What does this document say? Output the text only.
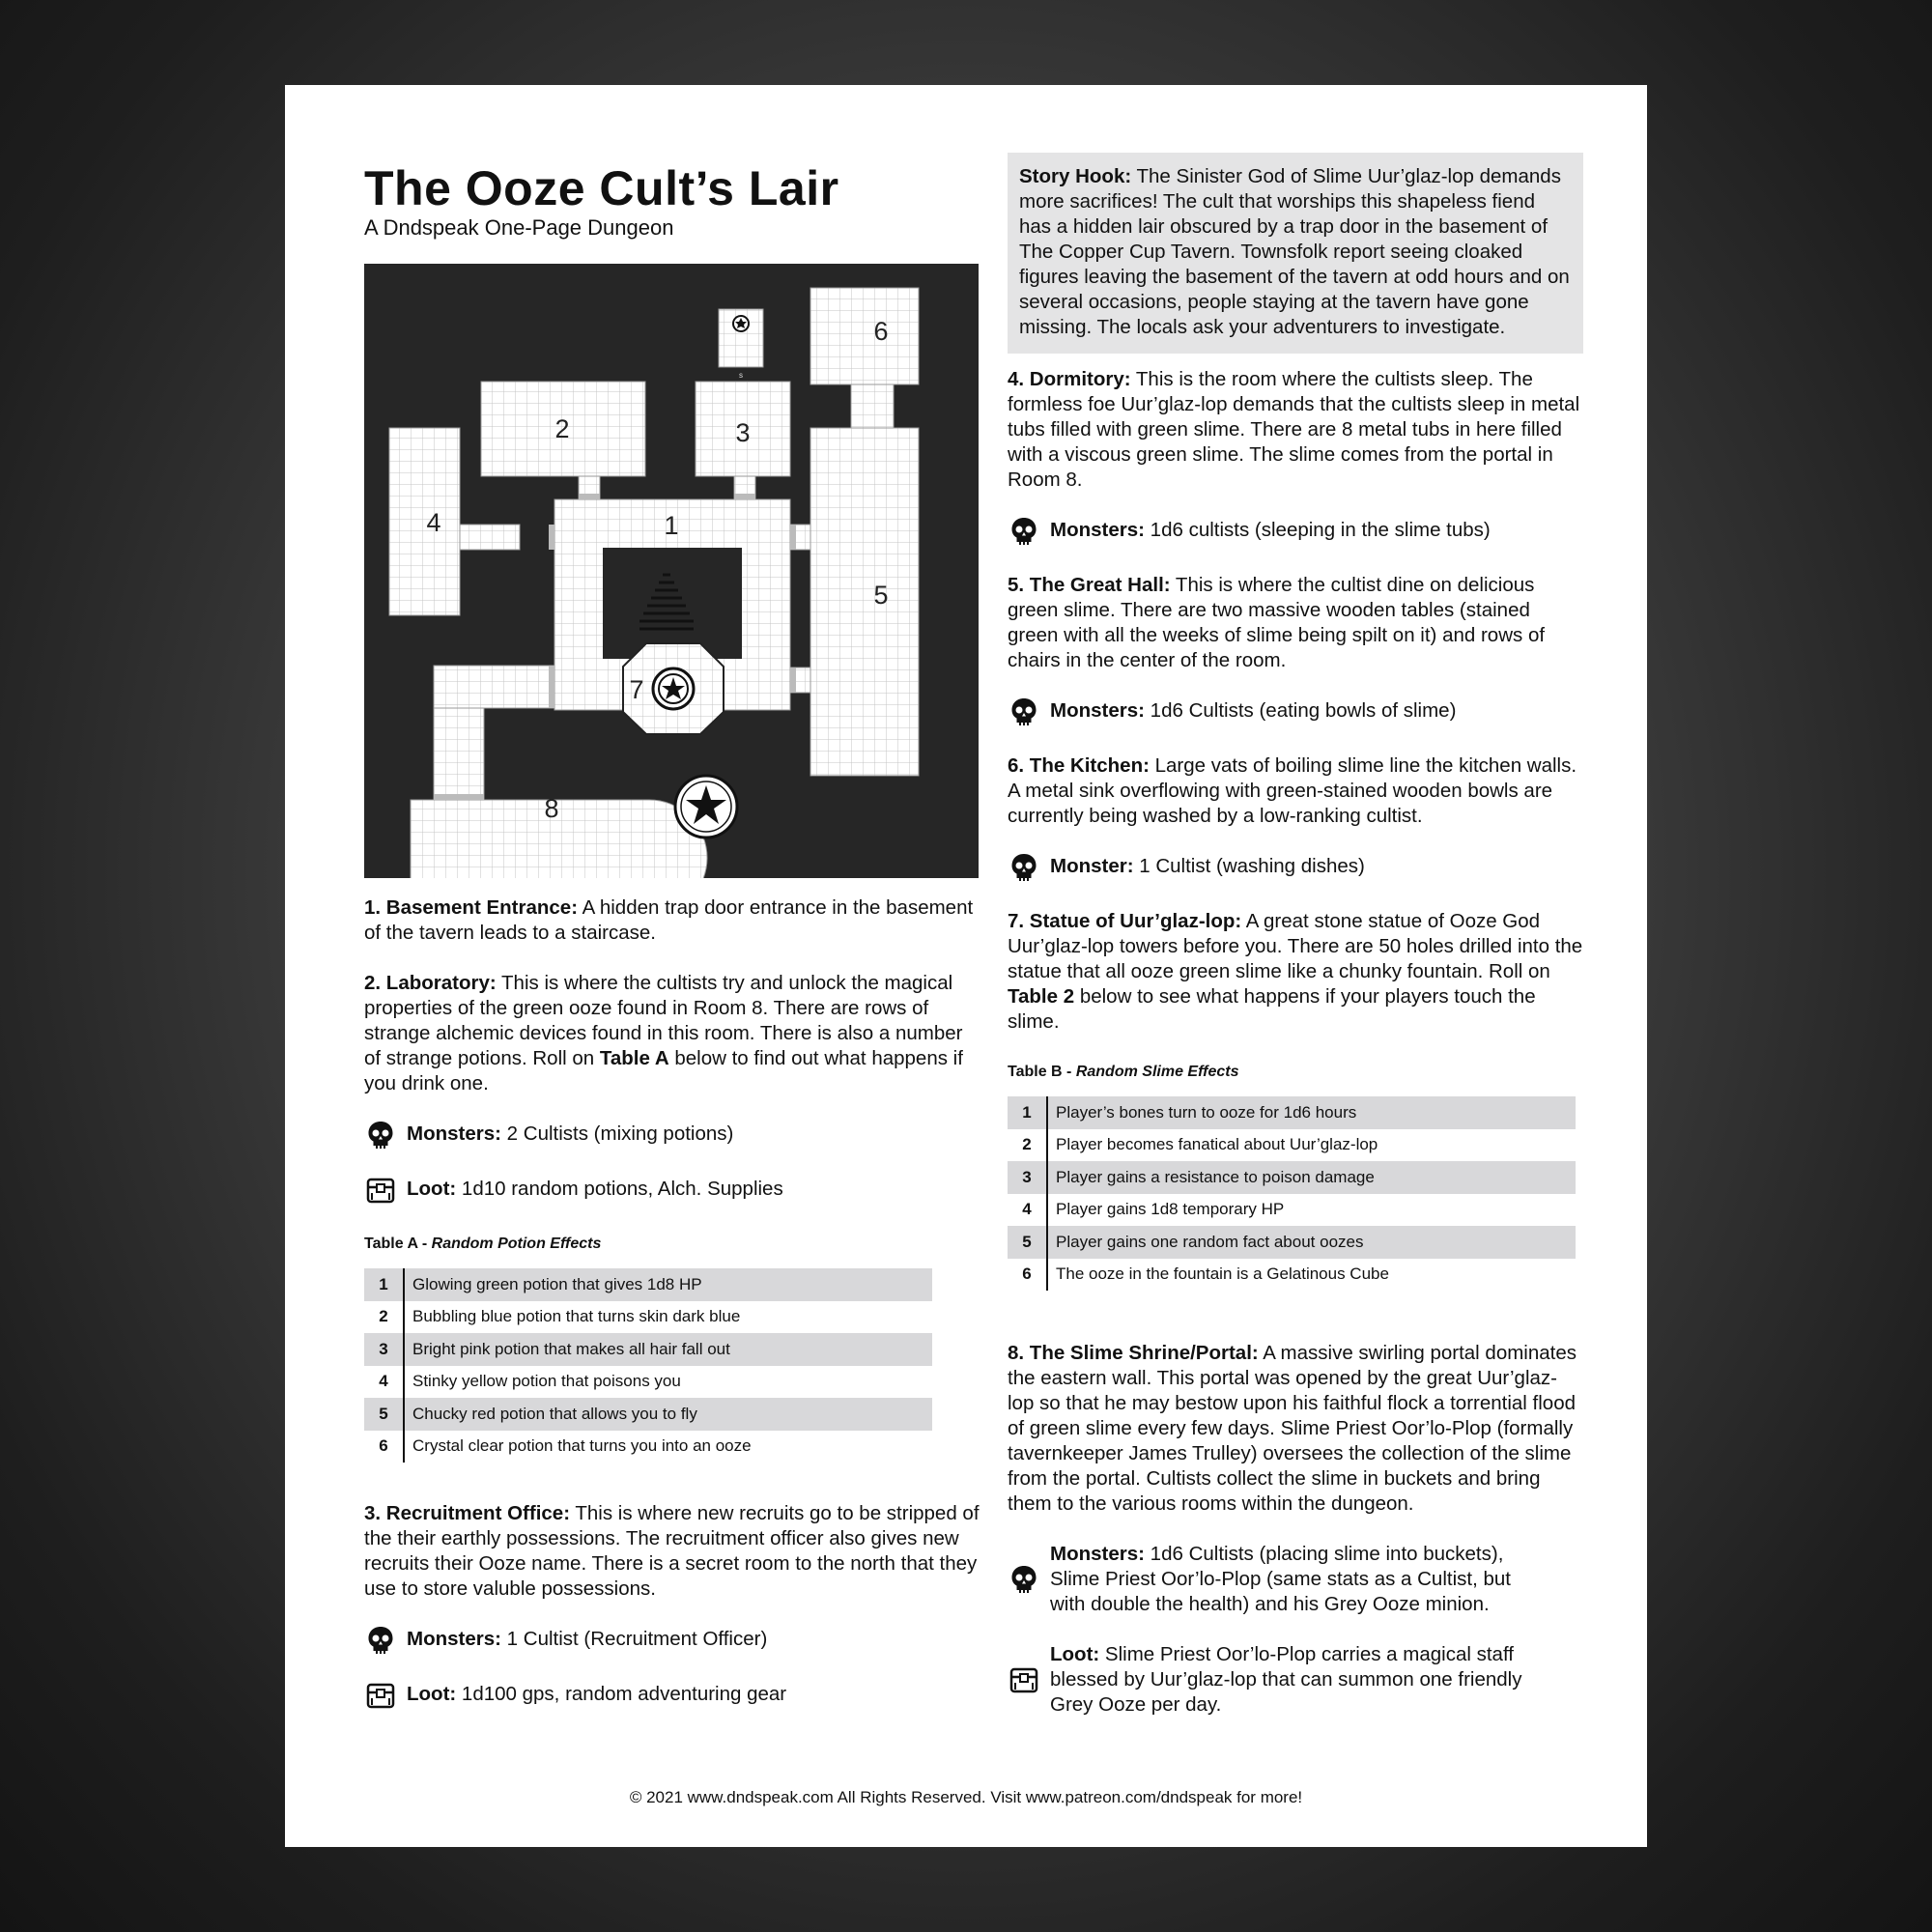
The Ooze Cult’s Lair
A Dndspeak One-Page Dungeon
s
1
2	3
4
5
6
7
8

1. Basement Entrance: A hidden trap door entrance in the basement of the tavern leads to a staircase.

2. Laboratory: This is where the cultists try and unlock the magical properties of the green ooze found in Room 8. There are rows of strange alchemic devices found in this room. There is also a number of strange potions. Roll on Table A below to find out what happens if you drink one.

Monsters: 2 Cultists (mixing potions)
Loot: 1d10 random potions, Alch. Supplies
Table A - Random Potion Effects
1	Glowing green potion that gives 1d8 HP
2	Bubbling blue potion that turns skin dark blue
3	Bright pink potion that makes all hair fall out
4	Stinky yellow potion that poisons you
5	Chucky red potion that allows you to fly
6	Crystal clear potion that turns you into an ooze

3. Recruitment Office: This is where new recruits go to be stripped of the their earthly possessions. The recruitment officer also gives new recruits their Ooze name. There is a secret room to the north that they use to store valuble possessions.

Monsters: 1 Cultist (Recruitment Officer)
Loot: 1d100 gps, random adventuring gear

Story Hook: The Sinister God of Slime Uur’glaz-lop demands more sacrifices! The cult that worships this shapeless fiend has a hidden lair obscured by a trap door in the basement of The Copper Cup Tavern. Townsfolk report seeing cloaked figures leaving the basement of the tavern at odd hours and on several occasions, people staying at the tavern have gone missing. The locals ask your adventurers to investigate.

4. Dormitory: This is the room where the cultists sleep. The formless foe Uur’glaz-lop demands that the cultists sleep in metal tubs filled with green slime. There are 8 metal tubs in here filled with a viscous green slime. The slime comes from the portal in Room 8.

Monsters: 1d6 cultists (sleeping in the slime tubs)

5. The Great Hall: This is where the cultist dine on delicious green slime. There are two massive wooden tables (stained green with all the weeks of slime being spilt on it) and rows of chairs in the center of the room.

Monsters: 1d6 Cultists (eating bowls of slime)

6. The Kitchen: Large vats of boiling slime line the kitchen walls. A metal sink overflowing with green-stained wooden bowls are currently being washed by a low-ranking cultist.

Monster: 1 Cultist (washing dishes)

7. Statue of Uur’glaz-lop: A great stone statue of Ooze God Uur’glaz-lop towers before you. There are 50 holes drilled into the statue that all ooze green slime like a chunky fountain. Roll on Table 2 below to see what happens if your players touch the slime.

Table B - Random Slime Effects
1	Player’s bones turn to ooze for 1d6 hours
2	Player becomes fanatical about Uur’glaz-lop
3	Player gains a resistance to poison damage
4	Player gains 1d8 temporary HP
5	Player gains one random fact about oozes
6	The ooze in the fountain is a Gelatinous Cube

8. The Slime Shrine/Portal: A massive swirling portal dominates the eastern wall. This portal was opened by the great Uur’glaz-lop so that he may bestow upon his faithful flock a torrential flood of green slime every few days. Slime Priest Oor’lo-Plop (formally tavernkeeper James Trulley) oversees the collection of the slime from the portal. Cultists collect the slime in buckets and bring them to the various rooms within the dungeon.

Monsters: 1d6 Cultists (placing slime into buckets), Slime Priest Oor’lo-Plop (same stats as a Cultist, but with double the health) and his Grey Ooze minion.
Loot: Slime Priest Oor’lo-Plop carries a magical staff blessed by Uur’glaz-lop that can summon one friendly Grey Ooze per day.
© 2021 www.dndspeak.com All Rights Reserved. Visit www.patreon.com/dndspeak for more!
